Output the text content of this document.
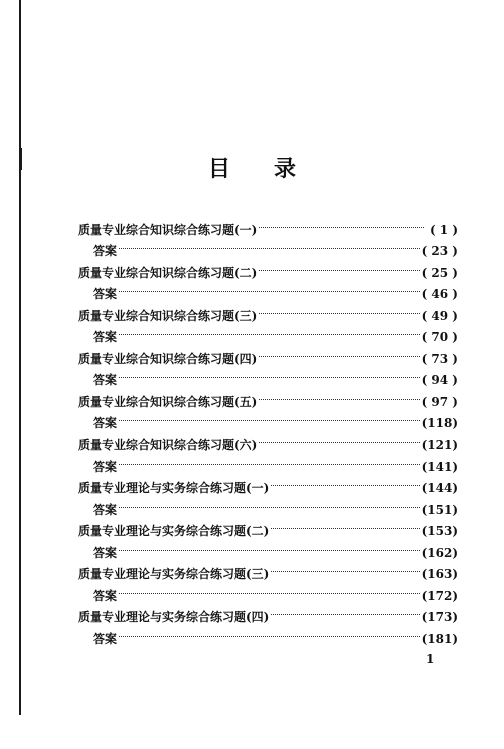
目 录
质量专业综合知识综合练习题(一)	( 1 )
答案	( 23 )
质量专业综合知识综合练习题(二)	( 25 )
答案	( 46 )
质量专业综合知识综合练习题(三)	( 49 )
答案	( 70 )
质量专业综合知识综合练习题(四)	( 73 )
答案	( 94 )
质量专业综合知识综合练习题(五)	( 97 )
答案	(118)
质量专业综合知识综合练习题(六)	(121)
答案	(141)
质量专业理论与实务综合练习题(一)	(144)
答案	(151)
质量专业理论与实务综合练习题(二)	(153)
答案	(162)
质量专业理论与实务综合练习题(三)	(163)
答案	(172)
质量专业理论与实务综合练习题(四)	(173)
答案	(181)
1
